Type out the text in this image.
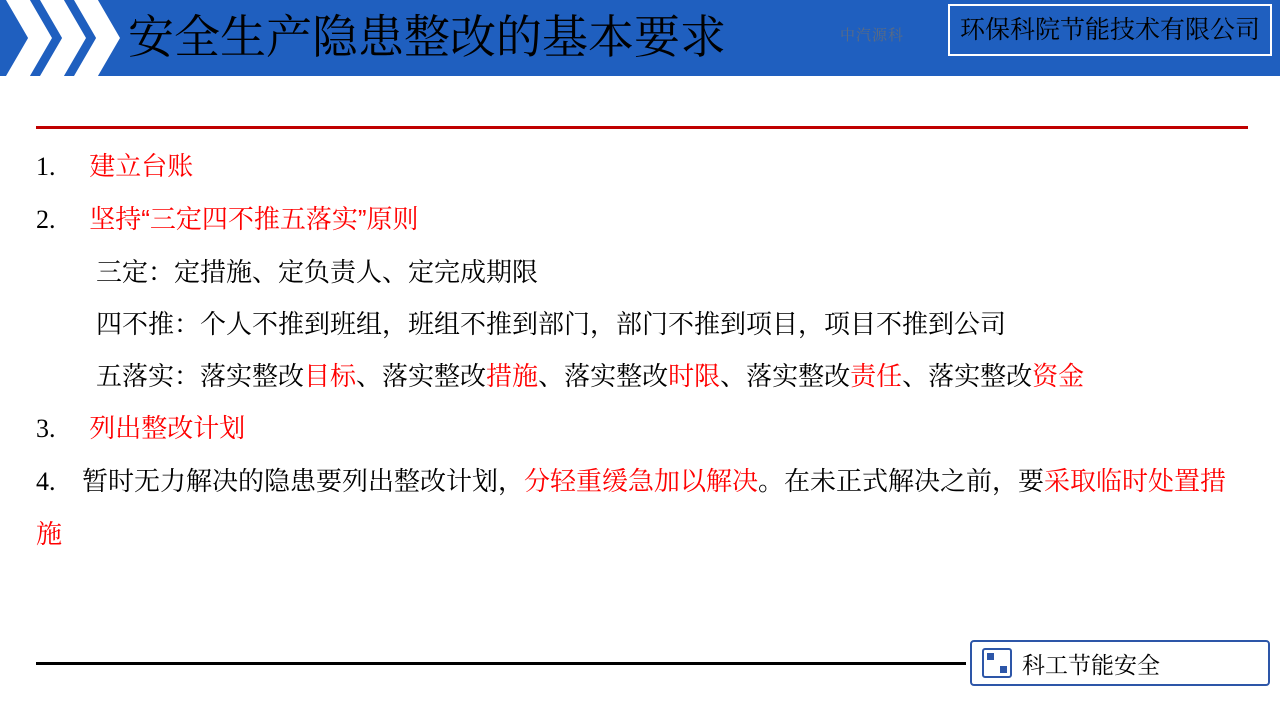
安全生产隐患整改的基本要求	中汽源科	环保科院节能技术有限公司
1. 建立台账
2. 坚持“三定四不推五落实”原则
三定：定措施、定负责人、定完成期限
四不推：个人不推到班组，班组不推到部门，部门不推到项目，项目不推到公司
五落实：落实整改目标、落实整改措施、落实整改时限、落实整改责任、落实整改资金
3. 列出整改计划
4. 暂时无力解决的隐患要列出整改计划，分轻重缓急加以解决。在未正式解决之前，要采取临时处置措施
科工节能安全
